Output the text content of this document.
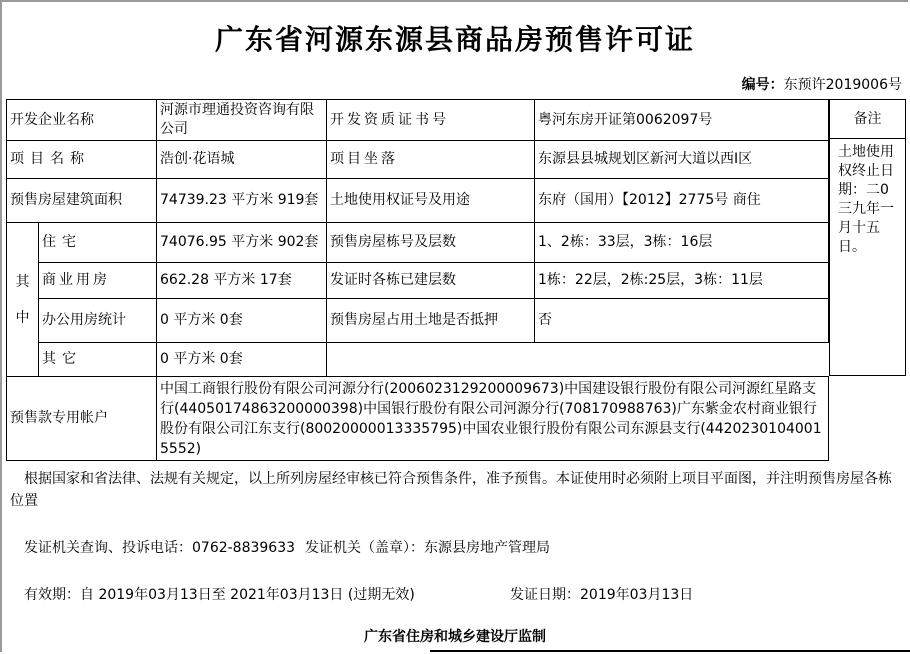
广东省河源东源县商品房预售许可证
编号：东预许2019006号
开发企业名称		河源市理通投资咨询有限公司	开发资质证书号	粤河东房开证第0062097号
项目名称		浩创·花语城	项目坐落	东源县县城规划区新河大道以西I区
预售房屋建筑面积		74739.23 平方米 919套	土地使用权证号及用途	东府（国用）【2012】2775号 商住
其
中	住宅	74076.95 平方米 902套	预售房屋栋号及层数	1、2栋：33层，3栋：16层
	商业用房	662.28 平方米 17套	发证时各栋已建层数	1栋：22层，2栋:25层，3栋：11层
	办公用房统计	0 平方米 0套	预售房屋占用土地是否抵押	否
	其它	0 平方米 0套		
预售款专用帐户		中国工商银行股份有限公司河源分行(2006023129200009673)中国建设银行股份有限公司河源红星路支行(44050174863200000398)中国银行股份有限公司河源分行(708170988763)广东紫金农村商业银行股份有限公司江东支行(80020000013335795)中国农业银行股份有限公司东源县支行(44202301040015552)		
备注
土地使用权终止日期：二0三九年一月十五日。
根据国家和省法律、法规有关规定，以上所列房屋经审核已符合预售条件，准予预售。本证使用时必须附上项目平面图，并注明预售房屋各栋位置
发证机关查询、投诉电话：0762-8839633 发证机关（盖章）：东源县房地产管理局
有效期：自 2019年03月13日至 2021年03月13日 (过期无效)	发证日期：2019年03月13日
广东省住房和城乡建设厅监制
